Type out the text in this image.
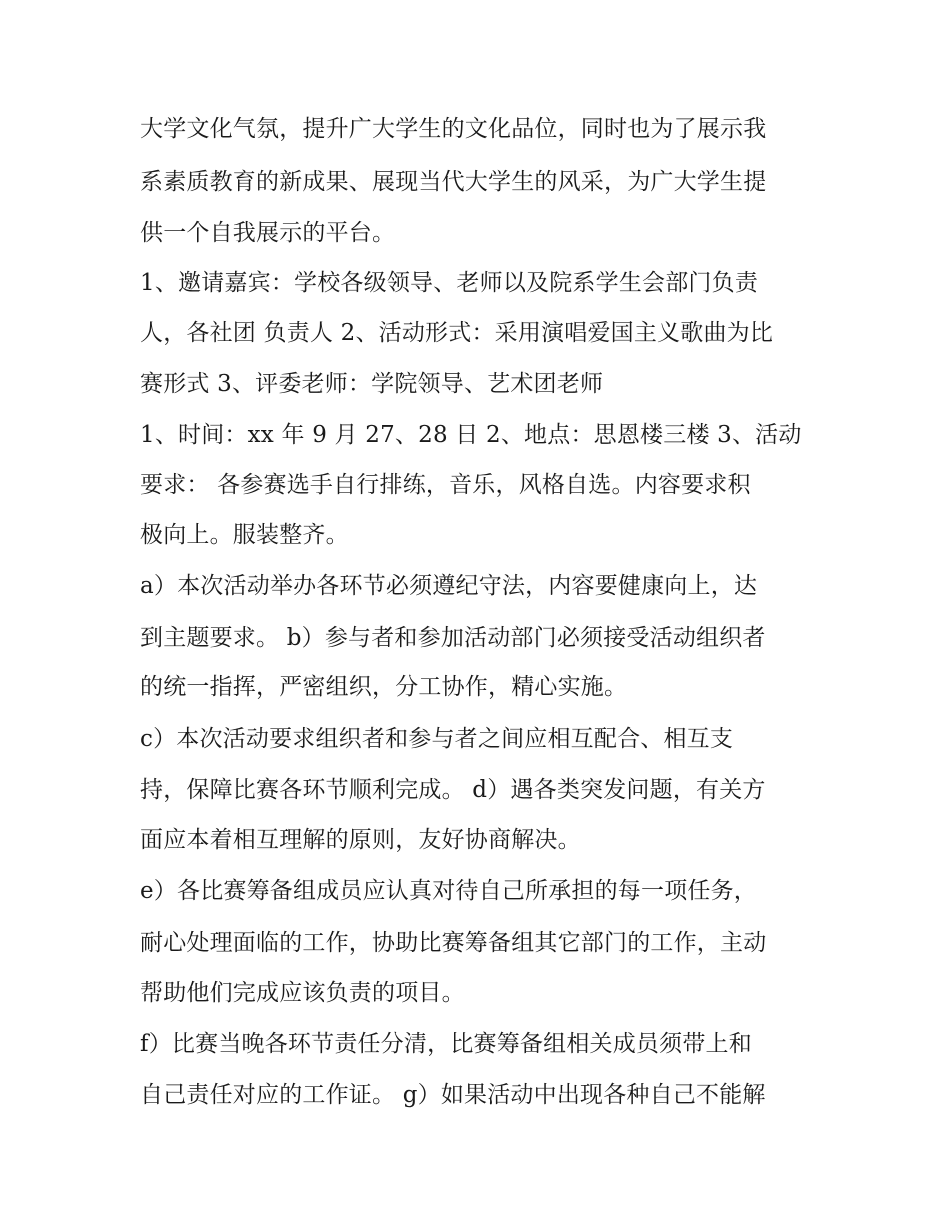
大学文化气氛，提升广大学生的文化品位，同时也为了展示我
系素质教育的新成果、展现当代大学生的风采，为广大学生提
供一个自我展示的平台。
1、邀请嘉宾：学校各级领导、老师以及院系学生会部门负责
人，各社团 负责人 2、活动形式：采用演唱爱国主义歌曲为比
赛形式 3、评委老师：学院领导、艺术团老师
1、时间：xx 年 9 月 27、28 日 2、地点：思恩楼三楼 3、活动
要求： 各参赛选手自行排练，音乐，风格自选。内容要求积
极向上。服装整齐。
a）本次活动举办各环节必须遵纪守法，内容要健康向上，达
到主题要求。 b）参与者和参加活动部门必须接受活动组织者
的统一指挥，严密组织，分工协作，精心实施。
c）本次活动要求组织者和参与者之间应相互配合、相互支
持，保障比赛各环节顺利完成。 d）遇各类突发问题，有关方
面应本着相互理解的原则，友好协商解决。
e）各比赛筹备组成员应认真对待自己所承担的每一项任务，
耐心处理面临的工作，协助比赛筹备组其它部门的工作，主动
帮助他们完成应该负责的项目。
f）比赛当晚各环节责任分清，比赛筹备组相关成员须带上和
自己责任对应的工作证。 g）如果活动中出现各种自己不能解
